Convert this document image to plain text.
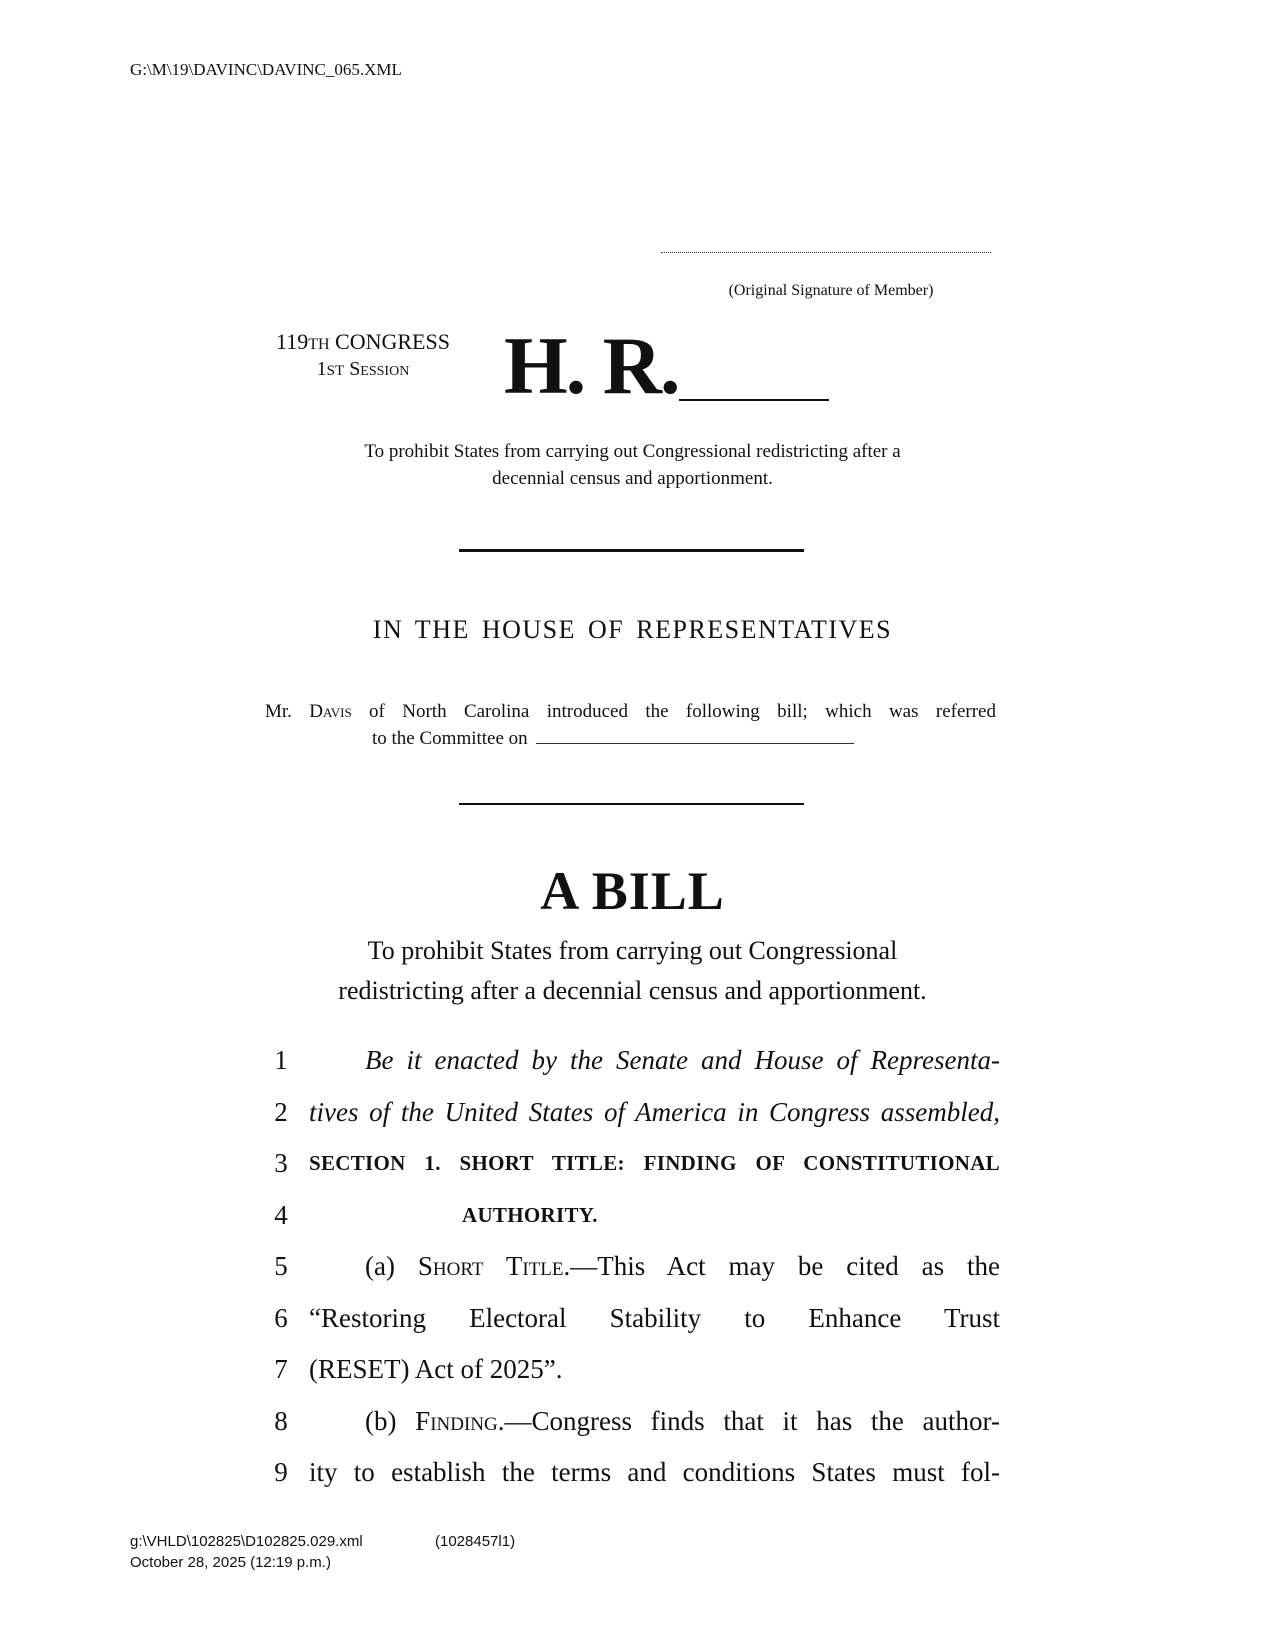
G:\M\19\DAVINC\DAVINC_065.XML
(Original Signature of Member)
119TH CONGRESS
1ST Session	H. R.
To prohibit States from carrying out Congressional redistricting after a
decennial census and apportionment.
IN THE HOUSE OF REPRESENTATIVES
Mr. Davis of North Carolina introduced the following bill; which was referred
to the Committee on
A BILL
To prohibit States from carrying out Congressional
redistricting after a decennial census and apportionment.
1	Be it enacted by the Senate and House of Representa-
2 tives of the United States of America in Congress assembled,
3 SECTION 1. SHORT TITLE: FINDING OF CONSTITUTIONAL
4	AUTHORITY.
5	(a) Short Title.—This Act may be cited as the
6 “Restoring Electoral Stability to Enhance Trust
7 (RESET) Act of 2025”.
8	(b) Finding.—Congress finds that it has the author-
9 ity to establish the terms and conditions States must fol-
g:\VHLD\102825\D102825.029.xml	(1028457l1)
October 28, 2025 (12:19 p.m.)
